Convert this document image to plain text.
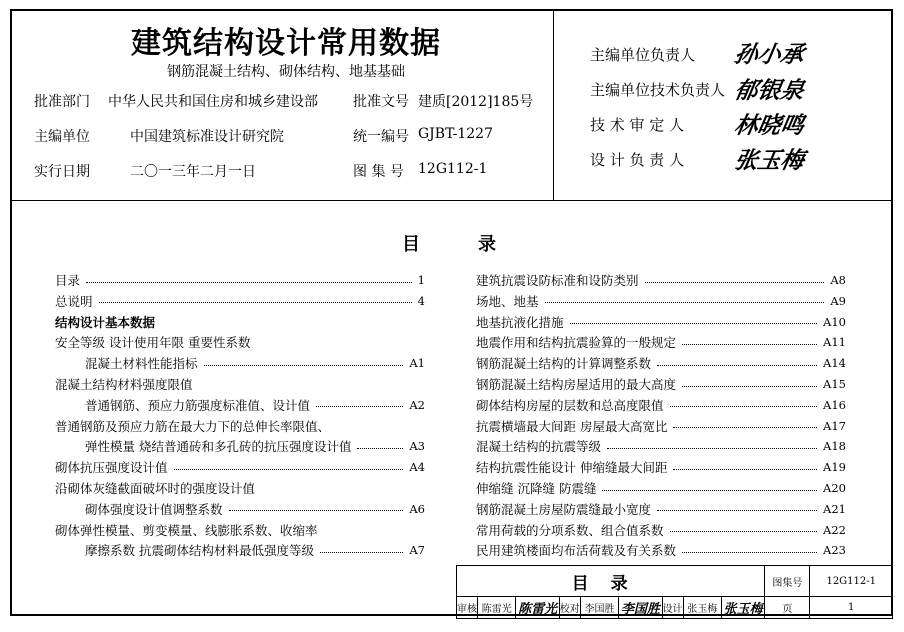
建筑结构设计常用数据
钢筋混凝土结构、砌体结构、地基基础
批准部门 中华人民共和国住房和城乡建设部	批准文号 建质[2012]185号
主编单位	中国建筑标准设计研究院	统一编号 GJBT-1227
实行日期	二〇一三年二月一日	图 集 号 12G112-1
主编单位负责人 孙小承
主编单位技术负责人 郁银泉
技 术 审 定 人 林晓鸣
设 计 负 责 人 张玉梅
目录
目录	1
总说明	4
结构设计基本数据
安全等级 设计使用年限 重要性系数
混凝土材料性能指标	A1
混凝土结构材料强度限值
普通钢筋、预应力筋强度标准值、设计值	A2
普通钢筋及预应力筋在最大力下的总伸长率限值、
弹性模量 烧结普通砖和多孔砖的抗压强度设计值	A3
砌体抗压强度设计值	A4
沿砌体灰缝截面破坏时的强度设计值
砌体强度设计值调整系数	A6
砌体弹性模量、剪变模量、线膨胀系数、收缩率
摩擦系数 抗震砌体结构材料最低强度等级	A7
建筑抗震设防标准和设防类别	A8
场地、地基	A9
地基抗液化措施	A10
地震作用和结构抗震验算的一般规定	A11
钢筋混凝土结构的计算调整系数	A14
钢筋混凝土结构房屋适用的最大高度	A15
砌体结构房屋的层数和总高度限值	A16
抗震横墙最大间距 房屋最大高宽比	A17
混凝土结构的抗震等级	A18
结构抗震性能设计 伸缩缝最大间距	A19
伸缩缝 沉降缝 防震缝	A20
钢筋混凝土房屋防震缝最小宽度	A21
常用荷载的分项系数、组合值系数	A22
民用建筑楼面均布活荷载及有关系数	A23
目录									图集号	12G112-1
审核	陈雷光	陈雷光	校对	李国胜	李国胜	设计	张玉梅	张玉梅	页	1
